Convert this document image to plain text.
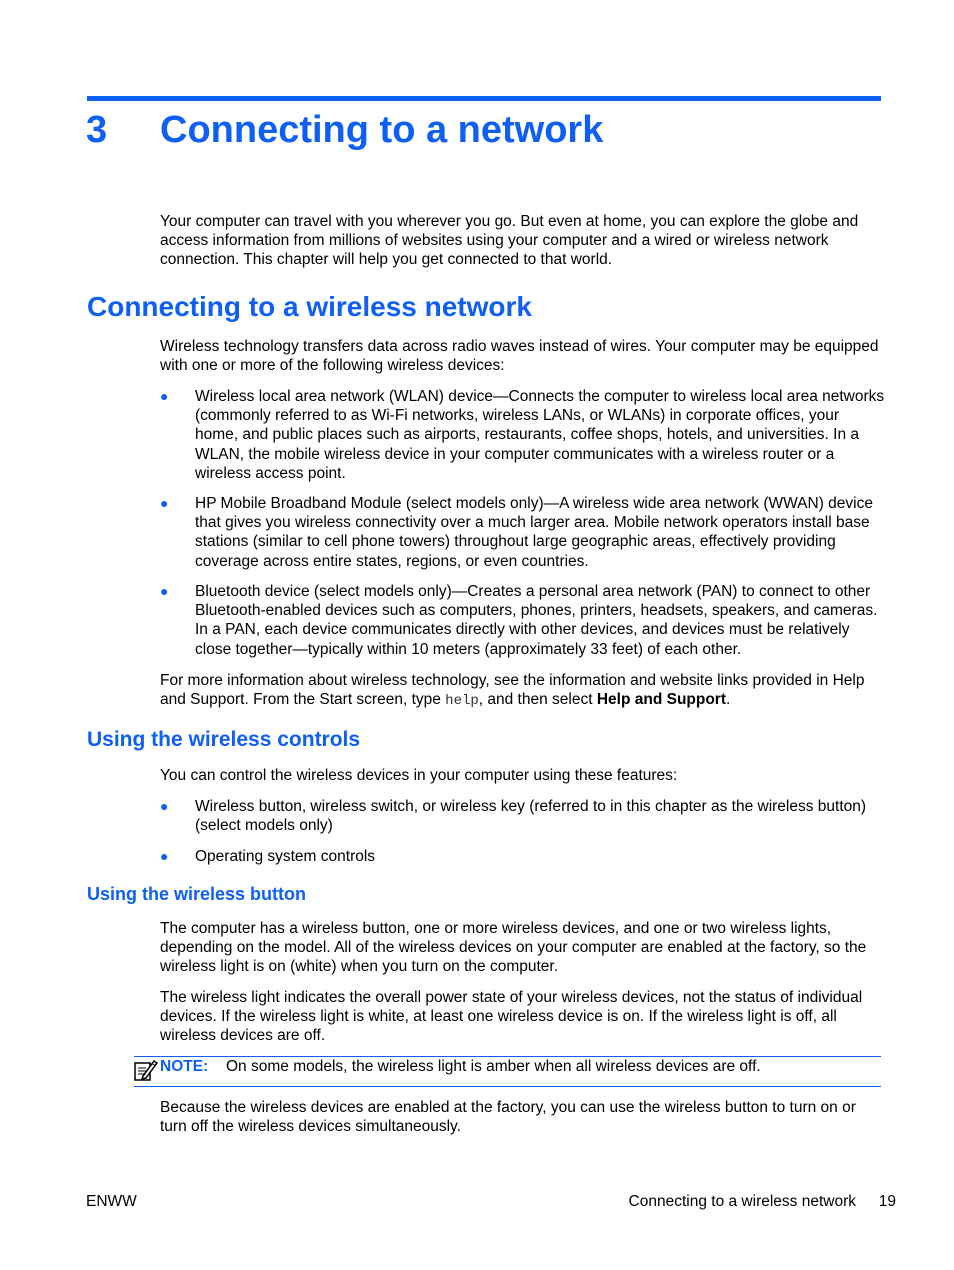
3 Connecting to a network

Your computer can travel with you wherever you go. But even at home, you can explore the globe and access information from millions of websites using your computer and a wired or wireless network connection. This chapter will help you get connected to that world.

Connecting to a wireless network

Wireless technology transfers data across radio waves instead of wires. Your computer may be equipped with one or more of the following wireless devices:

● Wireless local area network (WLAN) device—Connects the computer to wireless local area networks (commonly referred to as Wi-Fi networks, wireless LANs, or WLANs) in corporate offices, your home, and public places such as airports, restaurants, coffee shops, hotels, and universities. In a WLAN, the mobile wireless device in your computer communicates with a wireless router or a wireless access point.

● HP Mobile Broadband Module (select models only)—A wireless wide area network (WWAN) device that gives you wireless connectivity over a much larger area. Mobile network operators install base stations (similar to cell phone towers) throughout large geographic areas, effectively providing coverage across entire states, regions, or even countries.

● Bluetooth device (select models only)—Creates a personal area network (PAN) to connect to other Bluetooth-enabled devices such as computers, phones, printers, headsets, speakers, and cameras. In a PAN, each device communicates directly with other devices, and devices must be relatively close together—typically within 10 meters (approximately 33 feet) of each other.

For more information about wireless technology, see the information and website links provided in Help and Support. From the Start screen, type help, and then select Help and Support.

Using the wireless controls

You can control the wireless devices in your computer using these features:

● Wireless button, wireless switch, or wireless key (referred to in this chapter as the wireless button) (select models only)

● Operating system controls

Using the wireless button

The computer has a wireless button, one or more wireless devices, and one or two wireless lights, depending on the model. All of the wireless devices on your computer are enabled at the factory, so the wireless light is on (white) when you turn on the computer.

The wireless light indicates the overall power state of your wireless devices, not the status of individual devices. If the wireless light is white, at least one wireless device is on. If the wireless light is off, all wireless devices are off.

NOTE: On some models, the wireless light is amber when all wireless devices are off.

Because the wireless devices are enabled at the factory, you can use the wireless button to turn on or turn off the wireless devices simultaneously.

ENWW	Connecting to a wireless network 19
